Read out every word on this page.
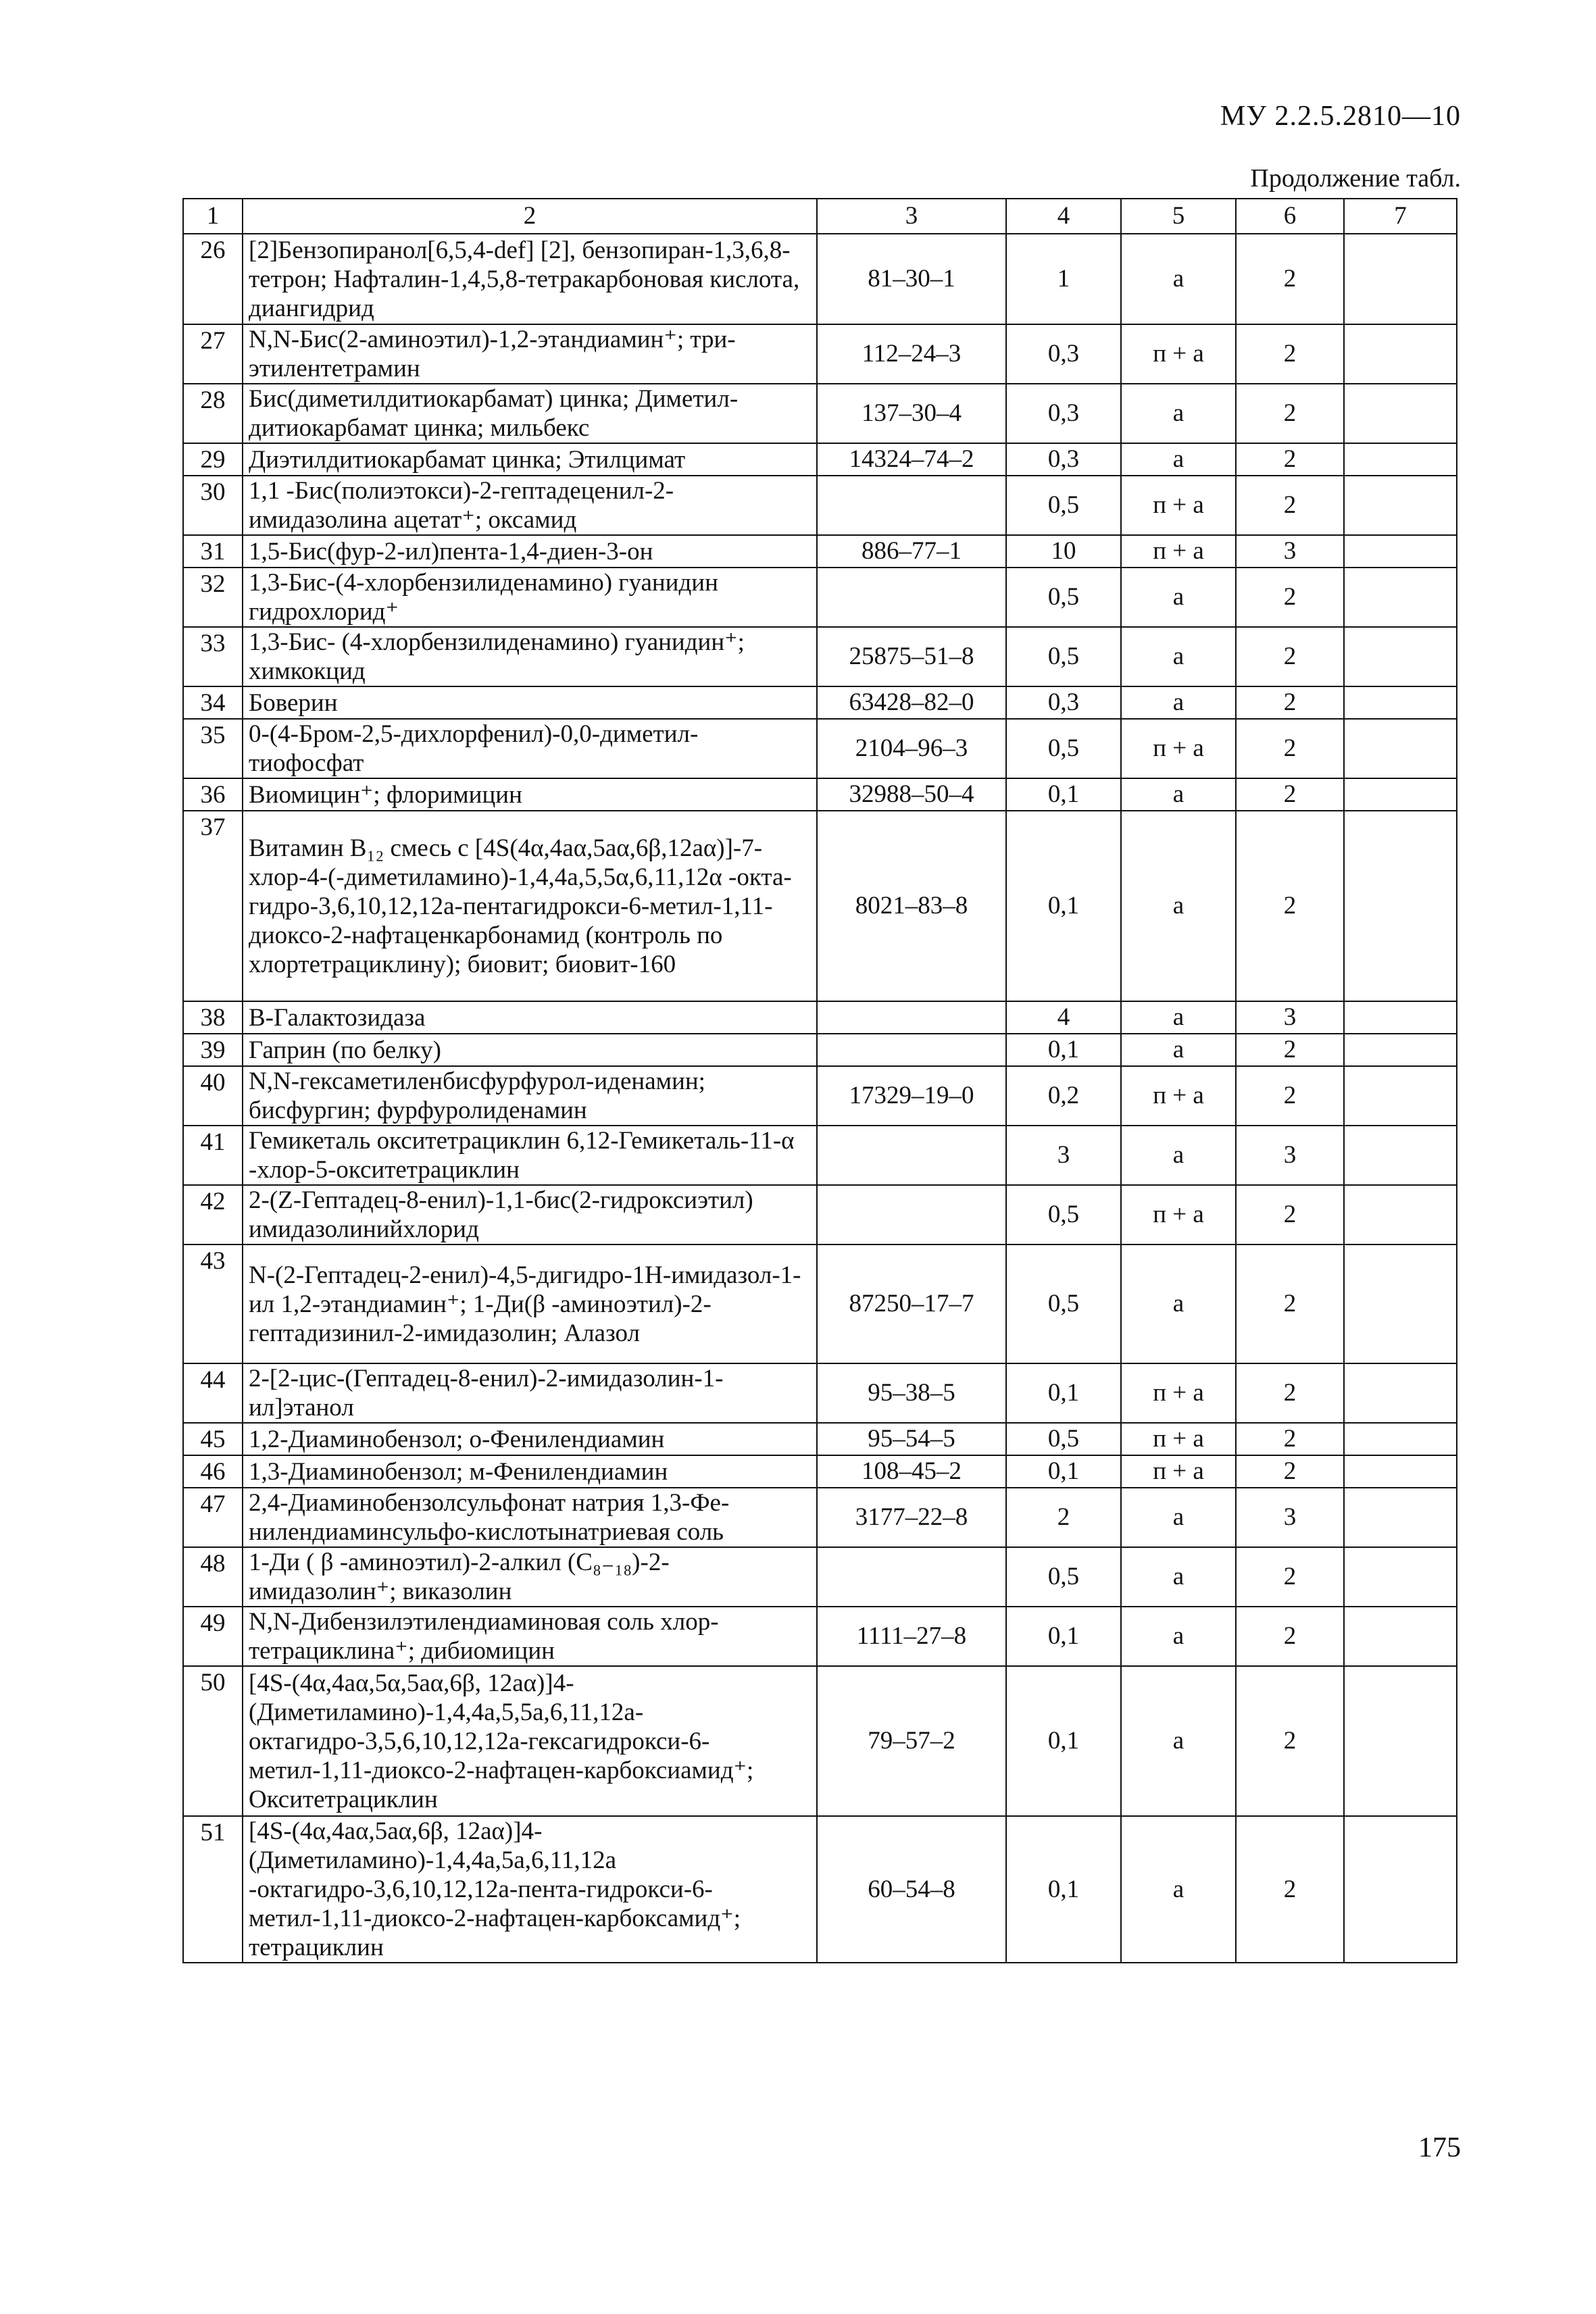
МУ 2.2.5.2810—10
Продолжение табл.
1	2	3	4	5	6	7
26	[2]Бензопиранол[6,5,4-def] [2], бензопиран-1,3,6,8-тетрон; Нафталин-1,4,5,8-тетракарбоновая кислота, диангидрид	81–30–1	1	а	2	
27	N,N-Бис(2-аминоэтил)-1,2-этандиамин⁺; три-этилентетрамин	112–24–3	0,3	п + а	2	
28	Бис(диметилдитиокарбамат) цинка; Диметил-дитиокарбамат цинка; мильбекс	137–30–4	0,3	а	2	
29	Диэтилдитиокарбамат цинка; Этилцимат	14324–74–2	0,3	а	2	
30	1,1 -Бис(полиэтокси)-2-гептадеценил-2-имидазолина ацетат⁺; оксамид		0,5	п + а	2	
31	1,5-Бис(фур-2-ил)пента-1,4-диен-3-он	886–77–1	10	п + а	3	
32	1,3-Бис-(4-хлорбензилиденамино) гуанидин гидрохлорид⁺		0,5	а	2	
33	1,3-Бис- (4-хлорбензилиденамино) гуанидин⁺; химкокцид	25875–51–8	0,5	а	2	
34	Боверин	63428–82–0	0,3	а	2	
35	0-(4-Бром-2,5-дихлорфенил)-0,0-диметил-тиофосфат	2104–96–3	0,5	п + а	2	
36	Виомицин⁺; флоримицин	32988–50–4	0,1	а	2	
37	Витамин B₁₂ смесь с [4S(4α,4aα,5aα,6β,12aα)]-7-хлор-4-(-диметиламино)-1,4,4a,5,5α,6,11,12α -окта-гидро-3,6,10,12,12a-пентагидрокси-6-метил-1,11-диоксо-2-нафтаценкарбонамид (контроль по хлортетрациклину); биовит; биовит-160	8021–83–8	0,1	а	2	
38	B-Галактозидаза		4	а	3	
39	Гаприн (по белку)		0,1	а	2	
40	N,N-гексаметиленбисфурфурол-иденамин; бисфургин; фурфуролиденамин	17329–19–0	0,2	п + а	2	
41	Гемикеталь окситетрациклин 6,12-Гемикеталь-11-α -хлор-5-окситетрациклин		3	а	3	
42	2-(Z-Гептадец-8-енил)-1,1-бис(2-гидроксиэтил) имидазолинийхлорид		0,5	п + а	2	
43	N-(2-Гептадец-2-енил)-4,5-дигидро-1H-имидазол-1-ил 1,2-этандиамин⁺; 1-Ди(β -аминоэтил)-2-гептадизинил-2-имидазолин; Алазол	87250–17–7	0,5	а	2	
44	2-[2-цис-(Гептадец-8-енил)-2-имидазолин-1-ил]этанол	95–38–5	0,1	п + а	2	
45	1,2-Диаминобензол; о-Фенилендиамин	95–54–5	0,5	п + а	2	
46	1,3-Диаминобензол; м-Фенилендиамин	108–45–2	0,1	п + а	2	
47	2,4-Диаминобензолсульфонат натрия 1,3-Фе-нилендиаминсульфо-кислотынатриевая соль	3177–22–8	2	а	3	
48	1-Ди ( β -аминоэтил)-2-алкил (C₈₋₁₈)-2-имидазолин⁺; виказолин		0,5	а	2	
49	N,N-Дибензилэтилендиаминовая соль хлор-тетрациклина⁺; дибиомицин	1111–27–8	0,1	а	2	
50	[4S-(4α,4aα,5α,5aα,6β, 12aα)]4-(Диметиламино)-1,4,4a,5,5a,6,11,12a-октагидро-3,5,6,10,12,12a-гексагидрокси-6-метил-1,11-диоксо-2-нафтацен-карбоксиамид⁺; Окситетрациклин	79–57–2	0,1	а	2	
51	[4S-(4α,4aα,5aα,6β, 12aα)]4-(Диметиламино)-1,4,4a,5a,6,11,12a -октагидро-3,6,10,12,12a-пента-гидрокси-6-метил-1,11-диоксо-2-нафтацен-карбоксамид⁺; тетрациклин	60–54–8	0,1	а	2	
175
